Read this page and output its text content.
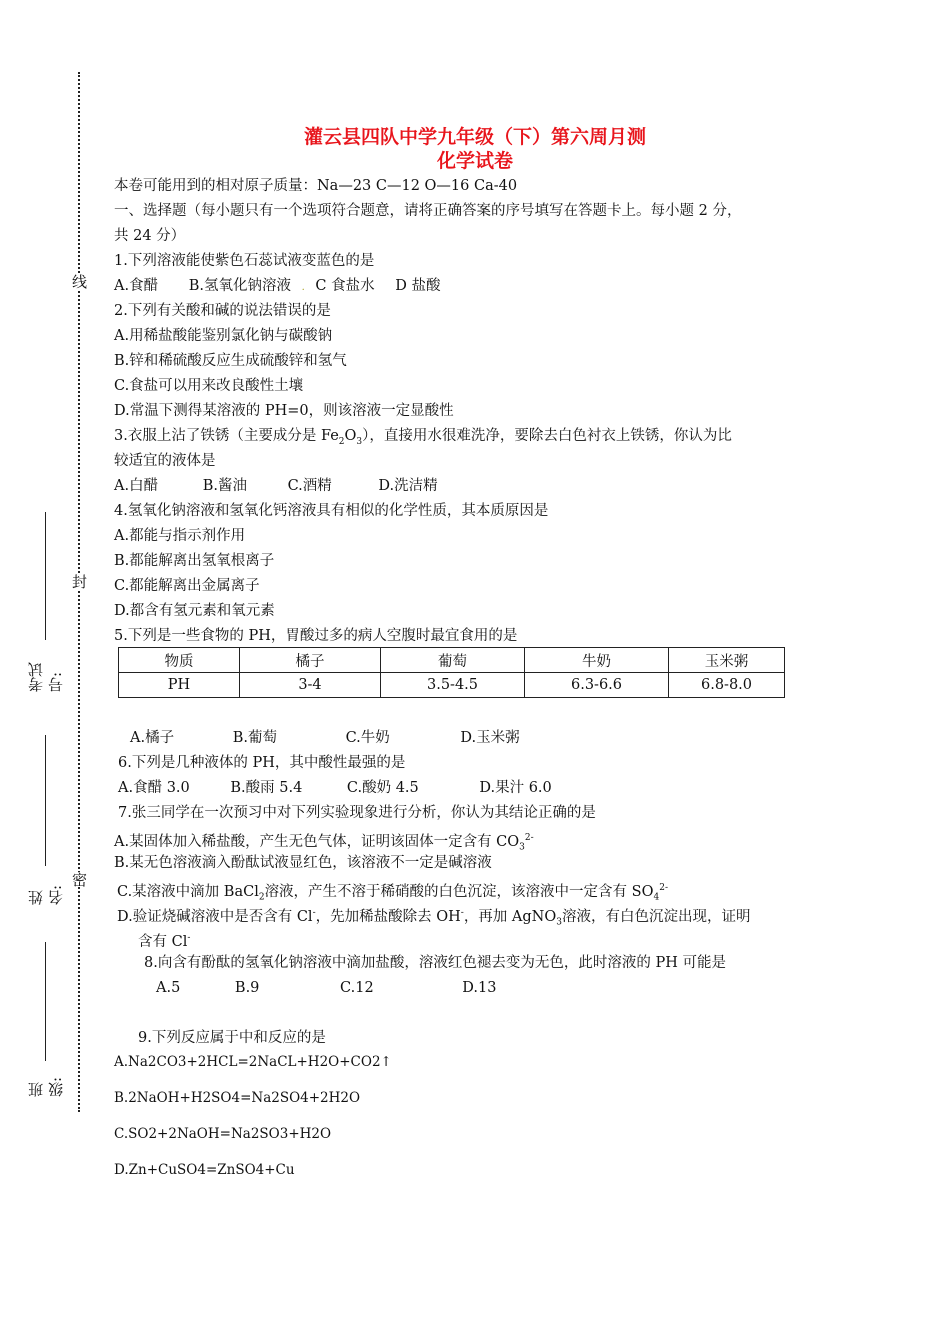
线
封
密
考试号:
姓名:
班级:
灌云县四队中学九年级（下）第六周月测
化学试卷
本卷可能用到的相对原子质量：Na—23 C—12 O—16 Ca-40
一、选择题（每小题只有一个选项符合题意，请将正确答案的序号填写在答题卡上。每小题 2 分，
共 24 分）
1.下列溶液能使紫色石蕊试液变蓝色的是
A.食醋 B.氢氧化钠溶液 . C 食盐水 D 盐酸
2.下列有关酸和碱的说法错误的是
A.用稀盐酸能鉴别氯化钠与碳酸钠
B.锌和稀硫酸反应生成硫酸锌和氢气
C.食盐可以用来改良酸性土壤
D.常温下测得某溶液的 PH=0，则该溶液一定显酸性
3.衣服上沾了铁锈（主要成分是 $Fe_2O_3$），直接用水很难洗净，要除去白色衬衣上铁锈，你认为比
较适宜的液体是
A.白醋	B.酱油	C.酒精	D.洗洁精
4.氢氧化钠溶液和氢氧化钙溶液具有相似的化学性质，其本质原因是
A.都能与指示剂作用
B.都能解离出氢氧根离子
C.都能解离出金属离子
D.都含有氢元素和氧元素
5.下列是一些食物的 PH，胃酸过多的病人空腹时最宜食用的是
A.橘子	B.葡萄	C.牛奶	D.玉米粥
6.下列是几种液体的 PH，其中酸性最强的是
A.食醋 3.0	B.酸雨 5.4	C.酸奶 4.5	D.果汁 6.0
7.张三同学在一次预习中对下列实验现象进行分析，你认为其结论正确的是
A.某固体加入稀盐酸，产生无色气体，证明该固体一定含有 $CO_3^{2-}$
B.某无色溶液滴入酚酞试液显红色，该溶液不一定是碱溶液
C.某溶液中滴加 BaCl$_2$溶液，产生不溶于稀硝酸的白色沉淀，该溶液中一定含有 $SO_4^{2-}$
D.验证烧碱溶液中是否含有 Cl-，先加稀盐酸除去 OH-，再加 AgNO$_3$溶液，有白色沉淀出现，证明
含有 Cl-
8.向含有酚酞的氢氧化钠溶液中滴加盐酸，溶液红色褪去变为无色，此时溶液的 PH 可能是
A.5	B.9	C.12	D.13
9.下列反应属于中和反应的是
A.Na2CO3+2HCL=2NaCL+H2O+CO2↑
B.2NaOH+H2SO4=Na2SO4+2H2O
C.SO2+2NaOH=Na2SO3+H2O
D.Zn+CuSO4=ZnSO4+Cu
物质	橘子	葡萄	牛奶	玉米粥
PH	3-4	3.5-4.5	6.3-6.6	6.8-8.0
